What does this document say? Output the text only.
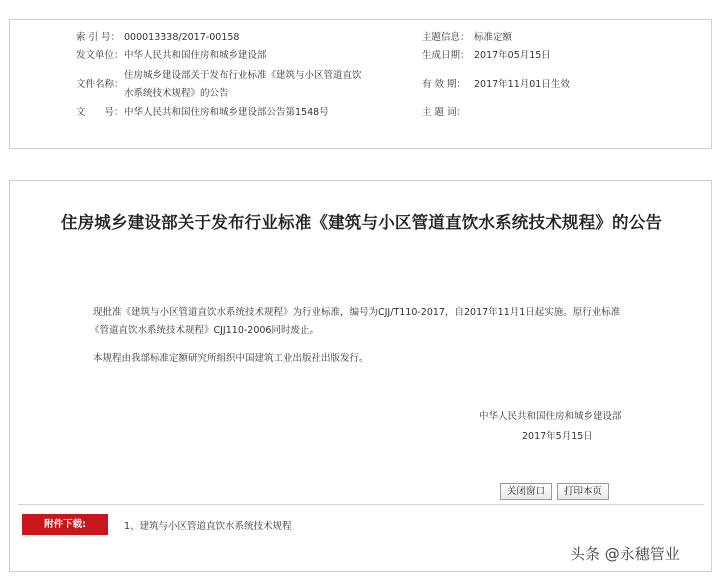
索 引 号： 000013338/2017-00158
发文单位：中华人民共和国住房和城乡建设部
文件名称：
住房城乡建设部关于发布行业标准《建筑与小区管道直饮
水系统技术规程》的公告
文　　号：中华人民共和国住房和城乡建设部公告第1548号
主题信息： 标准定额
生成日期： 2017年05月15日
有 效 期： 2017年11月01日生效
主 题 词：
住房城乡建设部关于发布行业标准《建筑与小区管道直饮水系统技术规程》的公告
现批准《建筑与小区管道直饮水系统技术规程》为行业标准，编号为CJJ/T110-2017，自2017年11月1日起实施。原行业标准
《管道直饮水系统技术规程》CJJ110-2006同时废止。
本规程由我部标准定额研究所组织中国建筑工业出版社出版发行。
中华人民共和国住房和城乡建设部
2017年5月15日
关闭窗口	打印本页
附件下载:	1、建筑与小区管道直饮水系统技术规程
头条 @永穗管业
